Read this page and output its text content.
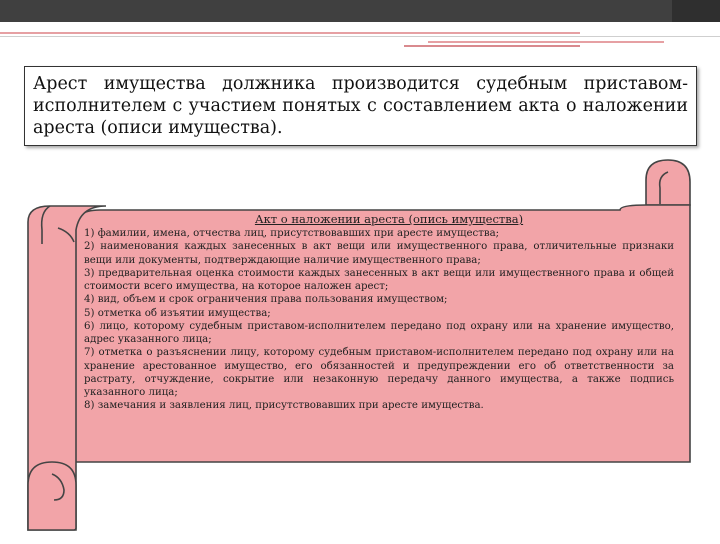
Арест имущества должника производится судебным приставом-исполнителем с участием понятых с составлением акта о наложении ареста (описи имущества).

Акт о наложении ареста (опись имущества)

1) фамилии, имена, отчества лиц, присутствовавших при аресте имущества;

2) наименования каждых занесенных в акт вещи или имущественного права, отличительные признаки вещи или документы, подтверждающие наличие имущественного права;

3) предварительная оценка стоимости каждых занесенных в акт вещи или имущественного права и общей стоимости всего имущества, на которое наложен арест;

4) вид, объем и срок ограничения права пользования имуществом;

5) отметка об изъятии имущества;

6) лицо, которому судебным приставом-исполнителем передано под охрану или на хранение имущество, адрес указанного лица;

7) отметка о разъяснении лицу, которому судебным приставом-исполнителем передано под охрану или на хранение арестованное имущество, его обязанностей и предупреждении его об ответственности за растрату, отчуждение, сокрытие или незаконную передачу данного имущества, а также подпись указанного лица;

8) замечания и заявления лиц, присутствовавших при аресте имущества.
